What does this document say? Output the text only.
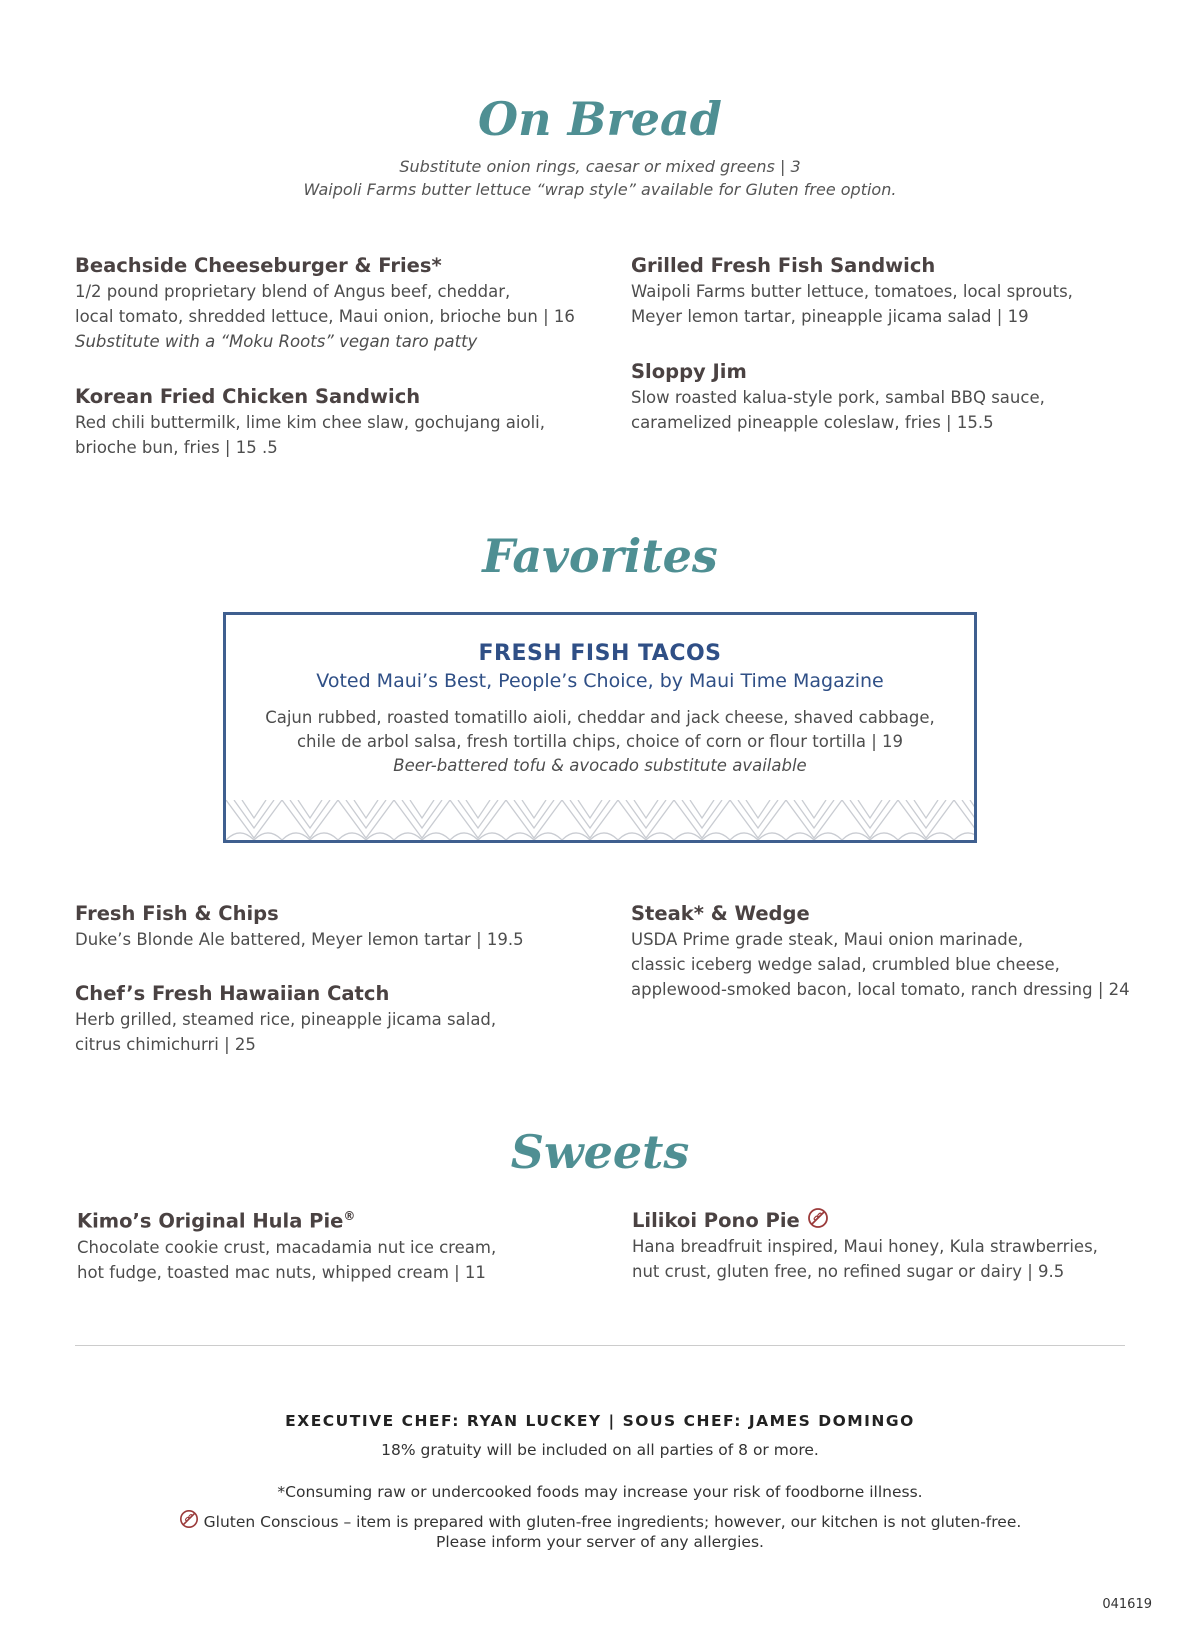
On Bread
Substitute onion rings, caesar or mixed greens | 3
Waipoli Farms butter lettuce “wrap style” available for Gluten free option.
Beachside Cheeseburger & Fries*
1/2 pound proprietary blend of Angus beef, cheddar,
local tomato, shredded lettuce, Maui onion, brioche bun | 16
Substitute with a “Moku Roots” vegan taro patty
Korean Fried Chicken Sandwich
Red chili buttermilk, lime kim chee slaw, gochujang aioli,
brioche bun, fries | 15 .5
Grilled Fresh Fish Sandwich
Waipoli Farms butter lettuce, tomatoes, local sprouts,
Meyer lemon tartar, pineapple jicama salad | 19
Sloppy Jim
Slow roasted kalua-style pork, sambal BBQ sauce,
caramelized pineapple coleslaw, fries | 15.5
Favorites
FRESH FISH TACOS
Voted Maui’s Best, People’s Choice, by Maui Time Magazine
Cajun rubbed, roasted tomatillo aioli, cheddar and jack cheese, shaved cabbage,
chile de arbol salsa, fresh tortilla chips, choice of corn or flour tortilla | 19
Beer-battered tofu & avocado substitute available
Fresh Fish & Chips
Duke’s Blonde Ale battered, Meyer lemon tartar | 19.5
Chef’s Fresh Hawaiian Catch
Herb grilled, steamed rice, pineapple jicama salad,
citrus chimichurri | 25
Steak* & Wedge
USDA Prime grade steak, Maui onion marinade,
classic iceberg wedge salad, crumbled blue cheese,
applewood-smoked bacon, local tomato, ranch dressing | 24
Sweets
Kimo’s Original Hula Pie®
Chocolate cookie crust, macadamia nut ice cream,
hot fudge, toasted mac nuts, whipped cream | 11
Lilikoi Pono Pie
Hana breadfruit inspired, Maui honey, Kula strawberries,
nut crust, gluten free, no refined sugar or dairy | 9.5
EXECUTIVE CHEF: RYAN LUCKEY | SOUS CHEF: JAMES DOMINGO
18% gratuity will be included on all parties of 8 or more.
*Consuming raw or undercooked foods may increase your risk of foodborne illness.
Gluten Conscious – item is prepared with gluten-free ingredients; however, our kitchen is not gluten-free.
Please inform your server of any allergies.
041619
